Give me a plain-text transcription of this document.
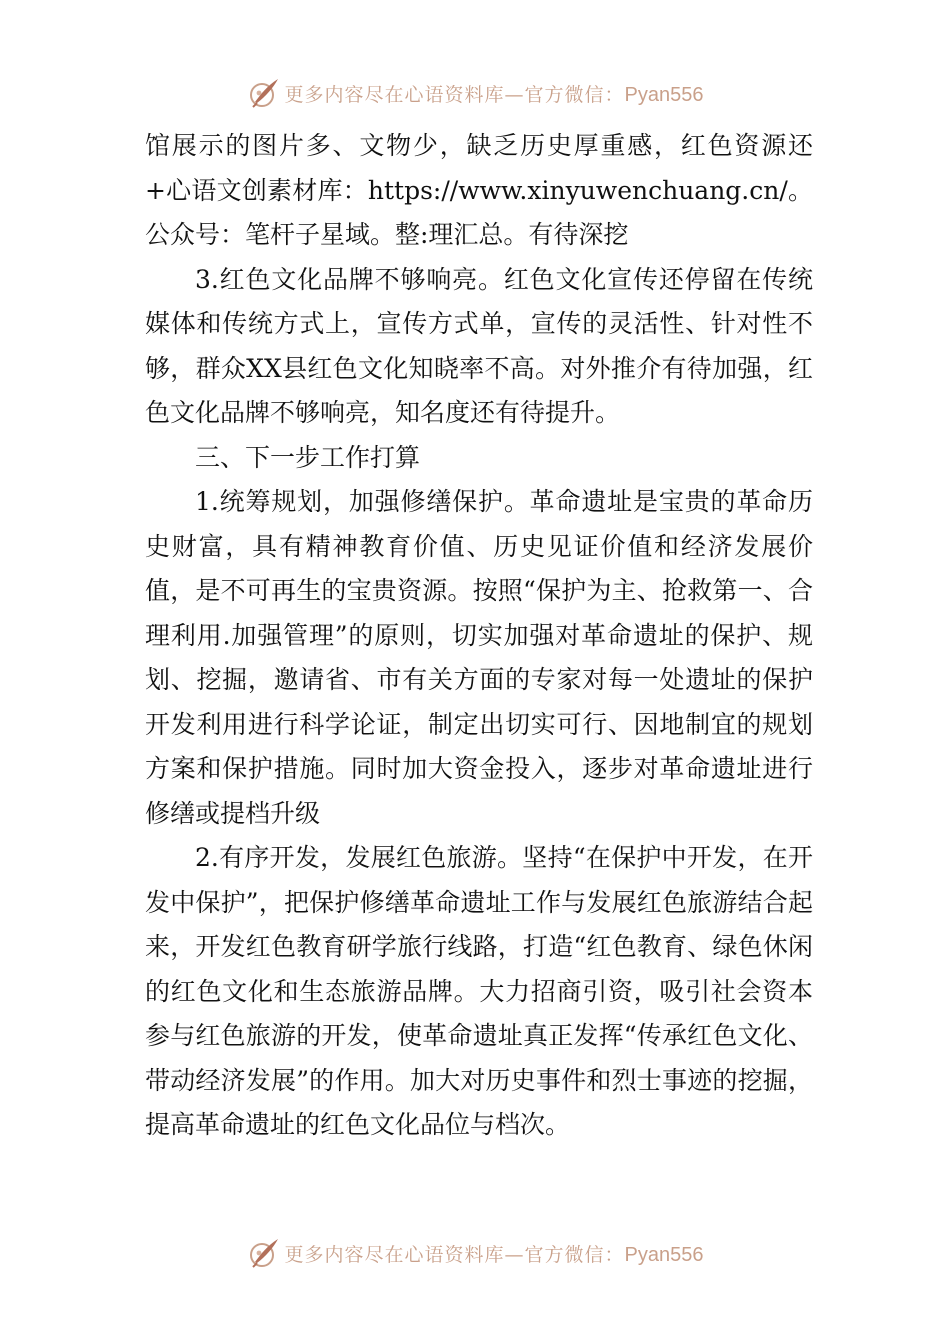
更多内容尽在心语资料库—官方微信：Pyan556

馆展示的图片多、文物少，缺乏历史厚重感，红色资源还+心语文创素材库：https://www.xinyuwenchuang.cn/。公众号：笔杆子星域。整:理汇总。有待深挖

3.红色文化品牌不够响亮。红色文化宣传还停留在传统媒体和传统方式上，宣传方式单，宣传的灵活性、针对性不够，群众XX县红色文化知晓率不高。对外推介有待加强，红色文化品牌不够响亮，知名度还有待提升。

三、下一步工作打算

1.统筹规划，加强修缮保护。革命遗址是宝贵的革命历史财富，具有精神教育价值、历史见证价值和经济发展价值，是不可再生的宝贵资源。按照“保护为主、抢救第一、合理利用.加强管理”的原则，切实加强对革命遗址的保护、规划、挖掘，邀请省、市有关方面的专家对每一处遗址的保护开发利用进行科学论证，制定出切实可行、因地制宜的规划方案和保护措施。同时加大资金投入，逐步对革命遗址进行修缮或提档升级

2.有序开发，发展红色旅游。坚持“在保护中开发，在开发中保护”，把保护修缮革命遗址工作与发展红色旅游结合起来，开发红色教育研学旅行线路，打造“红色教育、绿色休闲的红色文化和生态旅游品牌。大力招商引资，吸引社会资本参与红色旅游的开发，使革命遗址真正发挥“传承红色文化、带动经济发展”的作用。加大对历史事件和烈士事迹的挖掘，提高革命遗址的红色文化品位与档次。

更多内容尽在心语资料库—官方微信：Pyan556
